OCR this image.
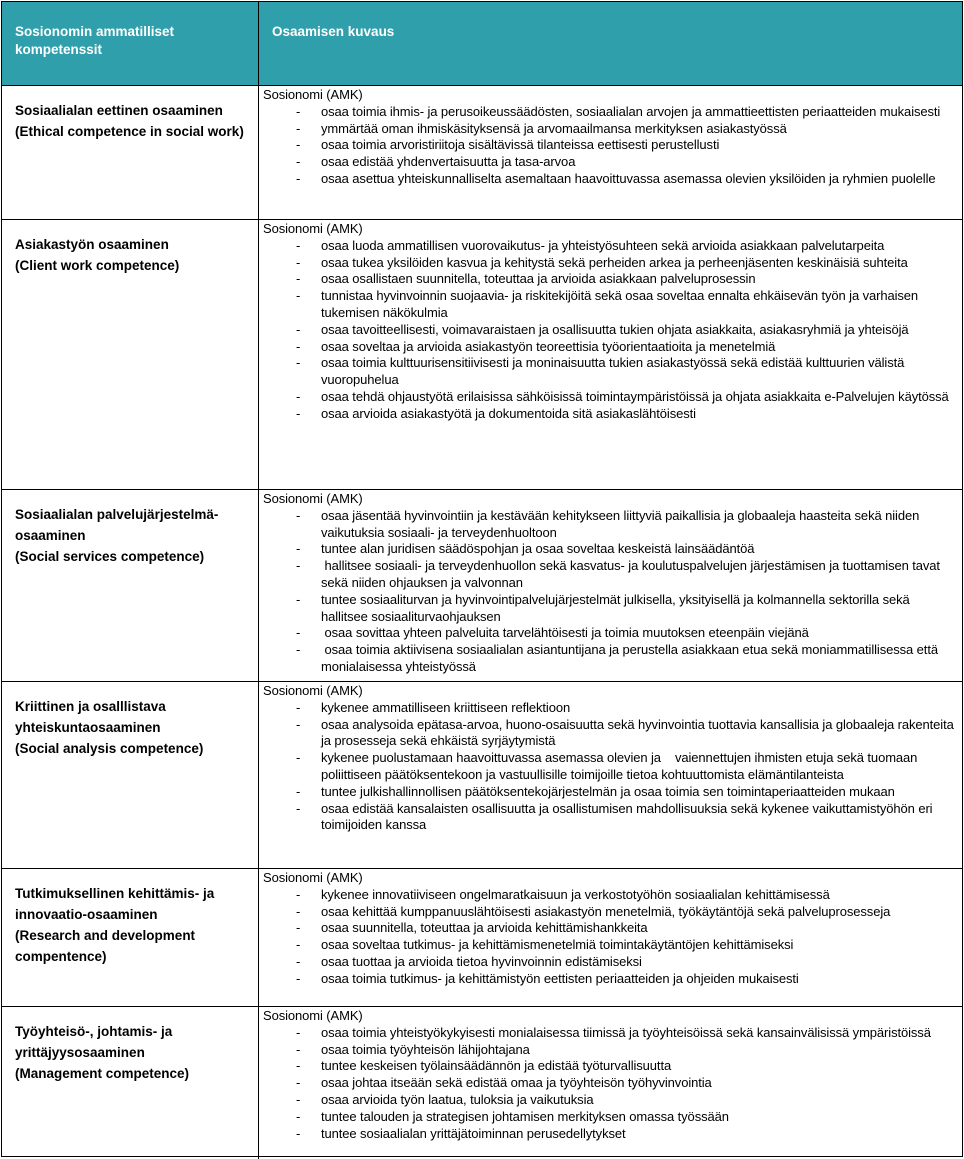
Sosionomin ammatilliset kompetenssit
Osaamisen kuvaus
Sosiaalialan eettinen osaaminen
(Ethical competence in social work)
Sosionomi (AMK)
- osaa toimia ihmis- ja perusoikeussäädösten, sosiaalialan arvojen ja ammattieettisten periaatteiden mukaisesti
- ymmärtää oman ihmiskäsityksensä ja arvomaailmansa merkityksen asiakastyössä
- osaa toimia arvoristiriitoja sisältävissä tilanteissa eettisesti perustellusti
- osaa edistää yhdenvertaisuutta ja tasa-arvoa
- osaa asettua yhteiskunnalliselta asemaltaan haavoittuvassa asemassa olevien yksilöiden ja ryhmien puolelle
Asiakastyön osaaminen
(Client work competence)
Sosionomi (AMK)
- osaa luoda ammatillisen vuorovaikutus- ja yhteistyösuhteen sekä arvioida asiakkaan palvelutarpeita
- osaa tukea yksilöiden kasvua ja kehitystä sekä perheiden arkea ja perheenjäsenten keskinäisiä suhteita
- osaa osallistaen suunnitella, toteuttaa ja arvioida asiakkaan palveluprosessin
- tunnistaa hyvinvoinnin suojaavia- ja riskitekijöitä sekä osaa soveltaa ennalta ehkäisevän työn ja varhaisen tukemisen näkökulmia
- osaa tavoitteellisesti, voimavaraistaen ja osallisuutta tukien ohjata asiakkaita, asiakasryhmiä ja yhteisöjä
- osaa soveltaa ja arvioida asiakastyön teoreettisia työorientaatioita ja menetelmiä
- osaa toimia kulttuurisensitiivisesti ja moninaisuutta tukien asiakastyössä sekä edistää kulttuurien välistä vuoropuhelua
- osaa tehdä ohjaustyötä erilaisissa sähköisissä toimintaympäristöissä ja ohjata asiakkaita e-Palvelujen käytössä
- osaa arvioida asiakastyötä ja dokumentoida sitä asiakaslähtöisesti
Sosiaalialan palvelujärjestelmä-osaaminen
(Social services competence)
Sosionomi (AMK)
- osaa jäsentää hyvinvointiin ja kestävään kehitykseen liittyviä paikallisia ja globaaleja haasteita sekä niiden vaikutuksia sosiaali- ja terveydenhuoltoon
- tuntee alan juridisen säädöspohjan ja osaa soveltaa keskeistä lainsäädäntöä
-  hallitsee sosiaali- ja terveydenhuollon sekä kasvatus- ja koulutuspalvelujen järjestämisen ja tuottamisen tavat sekä niiden ohjauksen ja valvonnan
- tuntee sosiaaliturvan ja hyvinvointipalvelujärjestelmät julkisella, yksityisellä ja kolmannella sektorilla sekä hallitsee sosiaaliturvaohjauksen
-  osaa sovittaa yhteen palveluita tarvelähtöisesti ja toimia muutoksen eteenpäin viejänä
-  osaa toimia aktiivisena sosiaalialan asiantuntijana ja perustella asiakkaan etua sekä moniammatillisessa että monialaisessa yhteistyössä
Kriittinen ja osalllistava yhteiskuntaosaaminen
(Social analysis competence)
Sosionomi (AMK)
- kykenee ammatilliseen kriittiseen reflektioon
- osaa analysoida epätasa-arvoa, huono-osaisuutta sekä hyvinvointia tuottavia kansallisia ja globaaleja rakenteita ja prosesseja sekä ehkäistä syrjäytymistä
- kykenee puolustamaan haavoittuvassa asemassa olevien ja    vaiennettujen ihmisten etuja sekä tuomaan poliittiseen päätöksentekoon ja vastuullisille toimijoille tietoa kohtuuttomista elämäntilanteista
- tuntee julkishallinnollisen päätöksentekojärjestelmän ja osaa toimia sen toimintaperiaatteiden mukaan
- osaa edistää kansalaisten osallisuutta ja osallistumisen mahdollisuuksia sekä kykenee vaikuttamistyöhön eri toimijoiden kanssa
Tutkimuksellinen kehittämis- ja innovaatio-osaaminen
(Research and development compentence)
Sosionomi (AMK)
- kykenee innovatiiviseen ongelmaratkaisuun ja verkostotyöhön sosiaalialan kehittämisessä
- osaa kehittää kumppanuuslähtöisesti asiakastyön menetelmiä, työkäytäntöjä sekä palveluprosesseja
- osaa suunnitella, toteuttaa ja arvioida kehittämishankkeita
- osaa soveltaa tutkimus- ja kehittämismenetelmiä toimintakäytäntöjen kehittämiseksi
- osaa tuottaa ja arvioida tietoa hyvinvoinnin edistämiseksi
- osaa toimia tutkimus- ja kehittämistyön eettisten periaatteiden ja ohjeiden mukaisesti
Työyhteisö-, johtamis- ja yrittäjyysosaaminen
(Management competence)
Sosionomi (AMK)
- osaa toimia yhteistyökykyisesti monialaisessa tiimissä ja työyhteisöissä sekä kansainvälisissä ympäristöissä
- osaa toimia työyhteisön lähijohtajana
- tuntee keskeisen työlainsäädännön ja edistää työturvallisuutta
- osaa johtaa itseään sekä edistää omaa ja työyhteisön työhyvinvointia
- osaa arvioida työn laatua, tuloksia ja vaikutuksia
- tuntee talouden ja strategisen johtamisen merkityksen omassa työssään
- tuntee sosiaalialan yrittäjätoiminnan perusedellytykset
